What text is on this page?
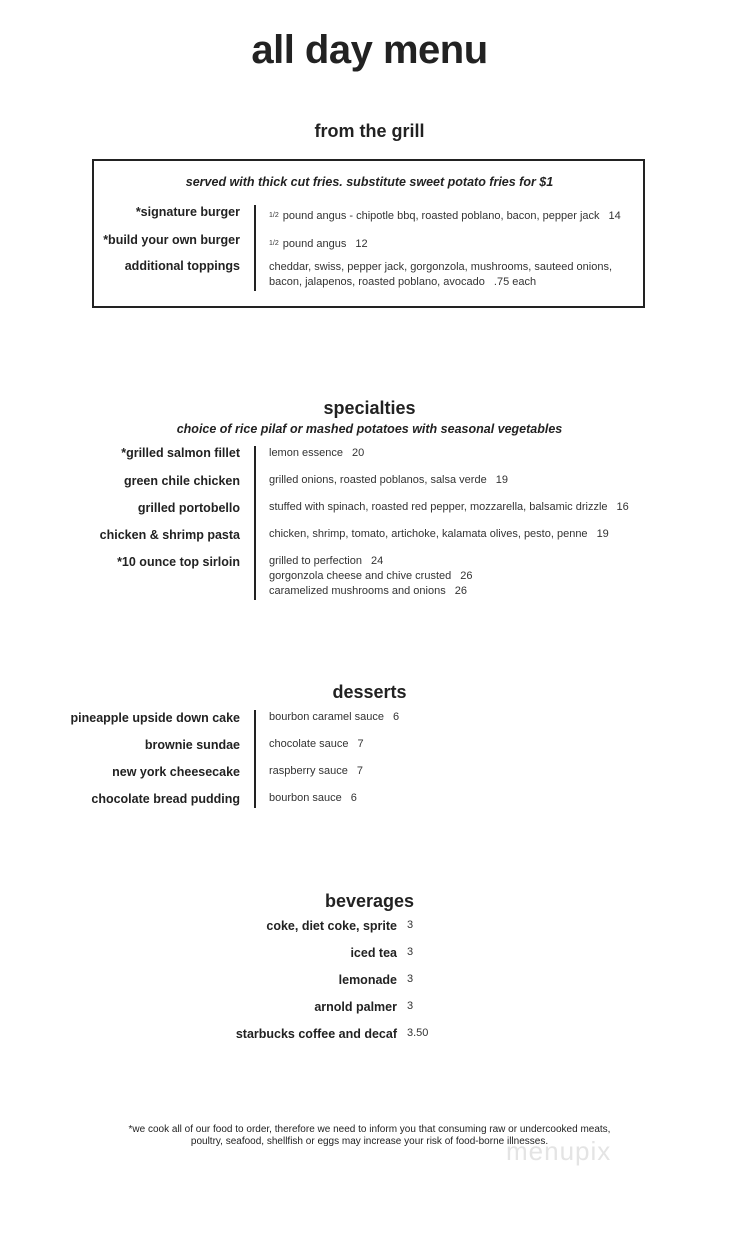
all day menu
from the grill
served with thick cut fries. substitute sweet potato fries for $1
*signature burger	1/2 pound angus - chipotle bbq, roasted poblano, bacon, pepper jack 14
*build your own burger	1/2 pound angus 12
additional toppings	cheddar, swiss, pepper jack, gorgonzola, mushrooms, sauteed onions,
bacon, jalapenos, roasted poblano, avocado .75 each
specialties
choice of rice pilaf or mashed potatoes with seasonal vegetables
*grilled salmon fillet	lemon essence 20
green chile chicken	grilled onions, roasted poblanos, salsa verde 19
grilled portobello	stuffed with spinach, roasted red pepper, mozzarella, balsamic drizzle 16
chicken & shrimp pasta	chicken, shrimp, tomato, artichoke, kalamata olives, pesto, penne 19
*10 ounce top sirloin	grilled to perfection 24
gorgonzola cheese and chive crusted 26
caramelized mushrooms and onions 26
desserts
pineapple upside down cake	bourbon caramel sauce 6
brownie sundae	chocolate sauce 7
new york cheesecake	raspberry sauce 7
chocolate bread pudding	bourbon sauce 6
beverages
coke, diet coke, sprite 3
iced tea 3
lemonade 3
arnold palmer 3
starbucks coffee and decaf 3.50
*we cook all of our food to order, therefore we need to inform you that consuming raw or undercooked meats,
poultry, seafood, shellfish or eggs may increase your risk of food-borne illnesses.
menupix
